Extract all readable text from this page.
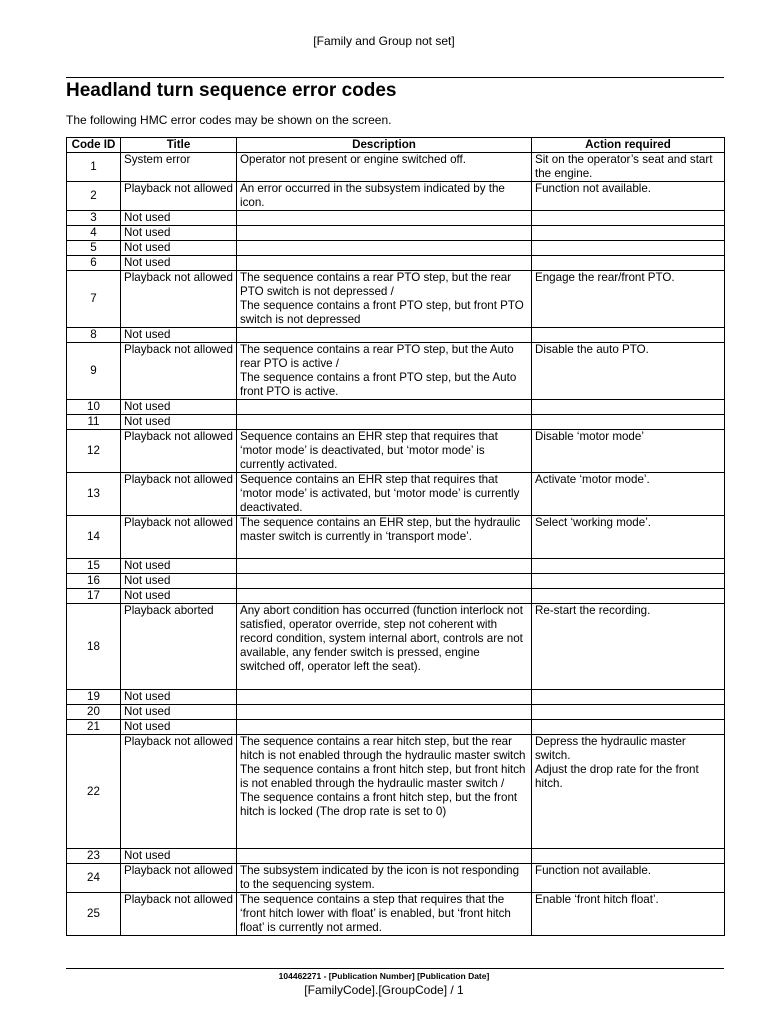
[Family and Group not set]
Headland turn sequence error codes
The following HMC error codes may be shown on the screen.
Code ID	Title	Description	Action required
1	System error	Operator not present or engine switched off.	Sit on the operator’s seat and start the engine.
2	Playback not allowed	An error occurred in the subsystem indicated by the icon.	Function not available.
3	Not used		
4	Not used		
5	Not used		
6	Not used		
7	Playback not allowed	The sequence contains a rear PTO step, but the rear PTO switch is not depressed /
The sequence contains a front PTO step, but front PTO switch is not depressed	Engage the rear/front PTO.
8	Not used		
9	Playback not allowed	The sequence contains a rear PTO step, but the Auto rear PTO is active /
The sequence contains a front PTO step, but the Auto front PTO is active.	Disable the auto PTO.
10	Not used		
11	Not used		
12	Playback not allowed	Sequence contains an EHR step that requires that ‘motor mode’ is deactivated, but ‘motor mode’ is currently activated.	Disable ‘motor mode’
13	Playback not allowed	Sequence contains an EHR step that requires that ‘motor mode’ is activated, but ‘motor mode’ is currently deactivated.	Activate ‘motor mode’.
14	Playback not allowed	The sequence contains an EHR step, but the hydraulic master switch is currently in ‘transport mode’.	Select ‘working mode’.
15	Not used		
16	Not used		
17	Not used		
18	Playback aborted	Any abort condition has occurred (function interlock not satisfied, operator override, step not coherent with record condition, system internal abort, controls are not available, any fender switch is pressed, engine switched off, operator left the seat).	Re-start the recording.
19	Not used		
20	Not used		
21	Not used		
22	Playback not allowed	The sequence contains a rear hitch step, but the rear hitch is not enabled through the hydraulic master switch
The sequence contains a front hitch step, but front hitch is not enabled through the hydraulic master switch /
The sequence contains a front hitch step, but the front hitch is locked (The drop rate is set to 0)	Depress the hydraulic master switch.
Adjust the drop rate for the front hitch.
23	Not used		
24	Playback not allowed	The subsystem indicated by the icon is not responding to the sequencing system.	Function not available.
25	Playback not allowed	The sequence contains a step that requires that the ‘front hitch lower with float’ is enabled, but ‘front hitch float’ is currently not armed.	Enable ‘front hitch float’.
104462271 - [Publication Number] [Publication Date]
[FamilyCode].[GroupCode] / 1
